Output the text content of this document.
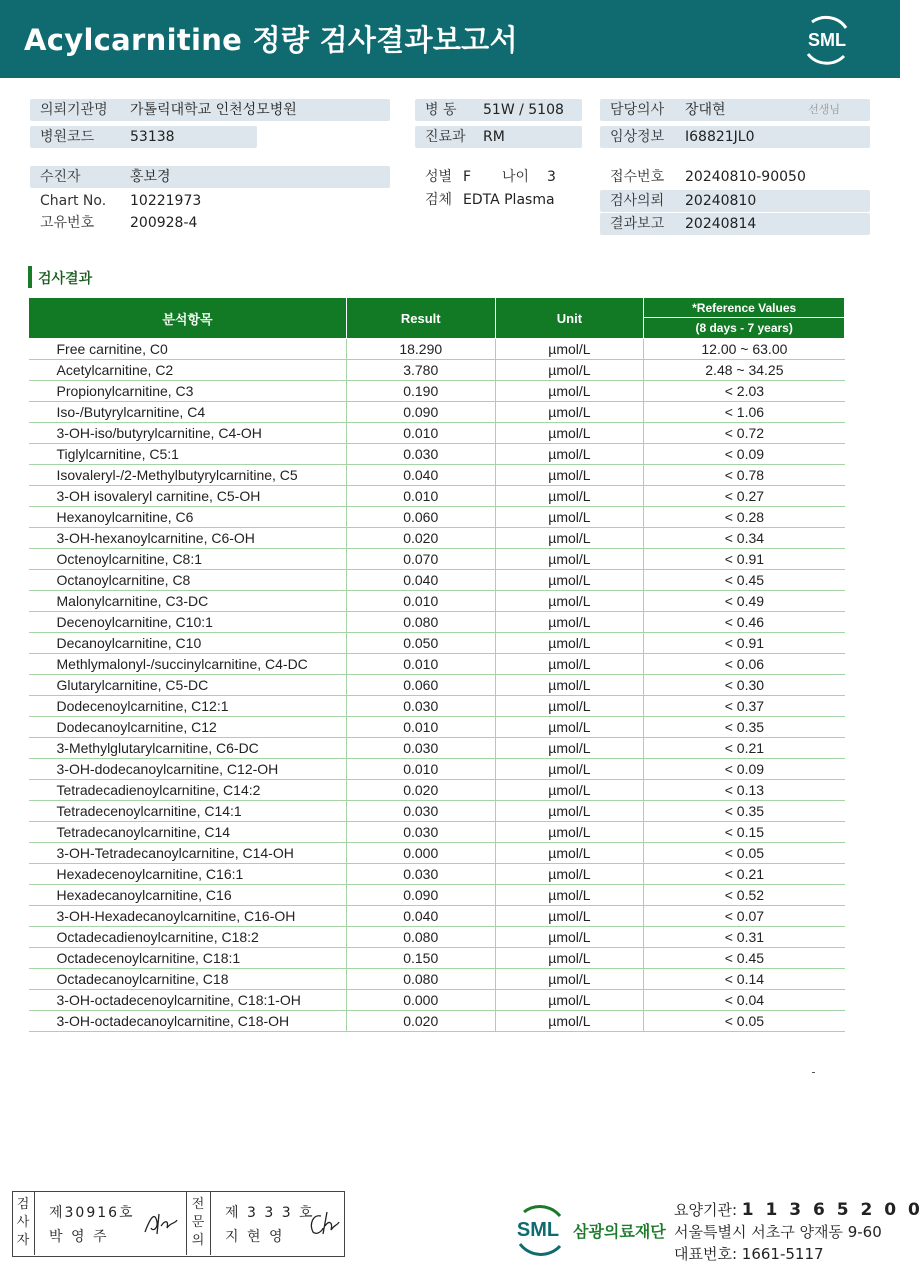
Acylcarnitine 정량 검사결과보고서	SML
의뢰기관명 가톨릭대학교 인천성모병원
병원코드	53138
병 동 51W / 5108
진료과 RM
담당의사 장대현	선생님
임상정보 I68821JL0
수진자	홍보경
Chart No. 10221973
고유번호	200928-4
성별 F 나이 3
검체 EDTA Plasma
접수번호 20240810-90050
검사의뢰 20240810
결과보고 20240814
검사결과
분석항목	Result	Unit	*Reference Values
			(8 days - 7 years)
Free carnitine, C0	18.290	µmol/L	12.00 ~ 63.00
Acetylcarnitine, C2	3.780	µmol/L	2.48 ~ 34.25
Propionylcarnitine, C3	0.190	µmol/L	< 2.03
Iso-/Butyrylcarnitine, C4	0.090	µmol/L	< 1.06
3-OH-iso/butyrylcarnitine, C4-OH	0.010	µmol/L	< 0.72
Tiglylcarnitine, C5:1	0.030	µmol/L	< 0.09
Isovaleryl-/2-Methylbutyrylcarnitine, C5	0.040	µmol/L	< 0.78
3-OH isovaleryl carnitine, C5-OH	0.010	µmol/L	< 0.27
Hexanoylcarnitine, C6	0.060	µmol/L	< 0.28
3-OH-hexanoylcarnitine, C6-OH	0.020	µmol/L	< 0.34
Octenoylcarnitine, C8:1	0.070	µmol/L	< 0.91
Octanoylcarnitine, C8	0.040	µmol/L	< 0.45
Malonylcarnitine, C3-DC	0.010	µmol/L	< 0.49
Decenoylcarnitine, C10:1	0.080	µmol/L	< 0.46
Decanoylcarnitine, C10	0.050	µmol/L	< 0.91
Methlymalonyl-/succinylcarnitine, C4-DC	0.010	µmol/L	< 0.06
Glutarylcarnitine, C5-DC	0.060	µmol/L	< 0.30
Dodecenoylcarnitine, C12:1	0.030	µmol/L	< 0.37
Dodecanoylcarnitine, C12	0.010	µmol/L	< 0.35
3-Methylglutarylcarnitine, C6-DC	0.030	µmol/L	< 0.21
3-OH-dodecanoylcarnitine, C12-OH	0.010	µmol/L	< 0.09
Tetradecadienoylcarnitine, C14:2	0.020	µmol/L	< 0.13
Tetradecenoylcarnitine, C14:1	0.030	µmol/L	< 0.35
Tetradecanoylcarnitine, C14	0.030	µmol/L	< 0.15
3-OH-Tetradecanoylcarnitine, C14-OH	0.000	µmol/L	< 0.05
Hexadecenoylcarnitine, C16:1	0.030	µmol/L	< 0.21
Hexadecanoylcarnitine, C16	0.090	µmol/L	< 0.52
3-OH-Hexadecanoylcarnitine, C16-OH	0.040	µmol/L	< 0.07
Octadecadienoylcarnitine, C18:2	0.080	µmol/L	< 0.31
Octadecenoylcarnitine, C18:1	0.150	µmol/L	< 0.45
Octadecanoylcarnitine, C18	0.080	µmol/L	< 0.14
3-OH-octadecenoylcarnitine, C18:1-OH	0.000	µmol/L	< 0.04
3-OH-octadecanoylcarnitine, C18-OH	0.020	µmol/L	< 0.05
검
사
자
제30916호
박 영 주
전
문
의
제 3 3 3 호
지 현 영	SML 삼광의료재단
요양기관: 1 1 3 6 5 2 0 0
서울특별시 서초구 양재동 9-60
대표번호: 1661-5117
